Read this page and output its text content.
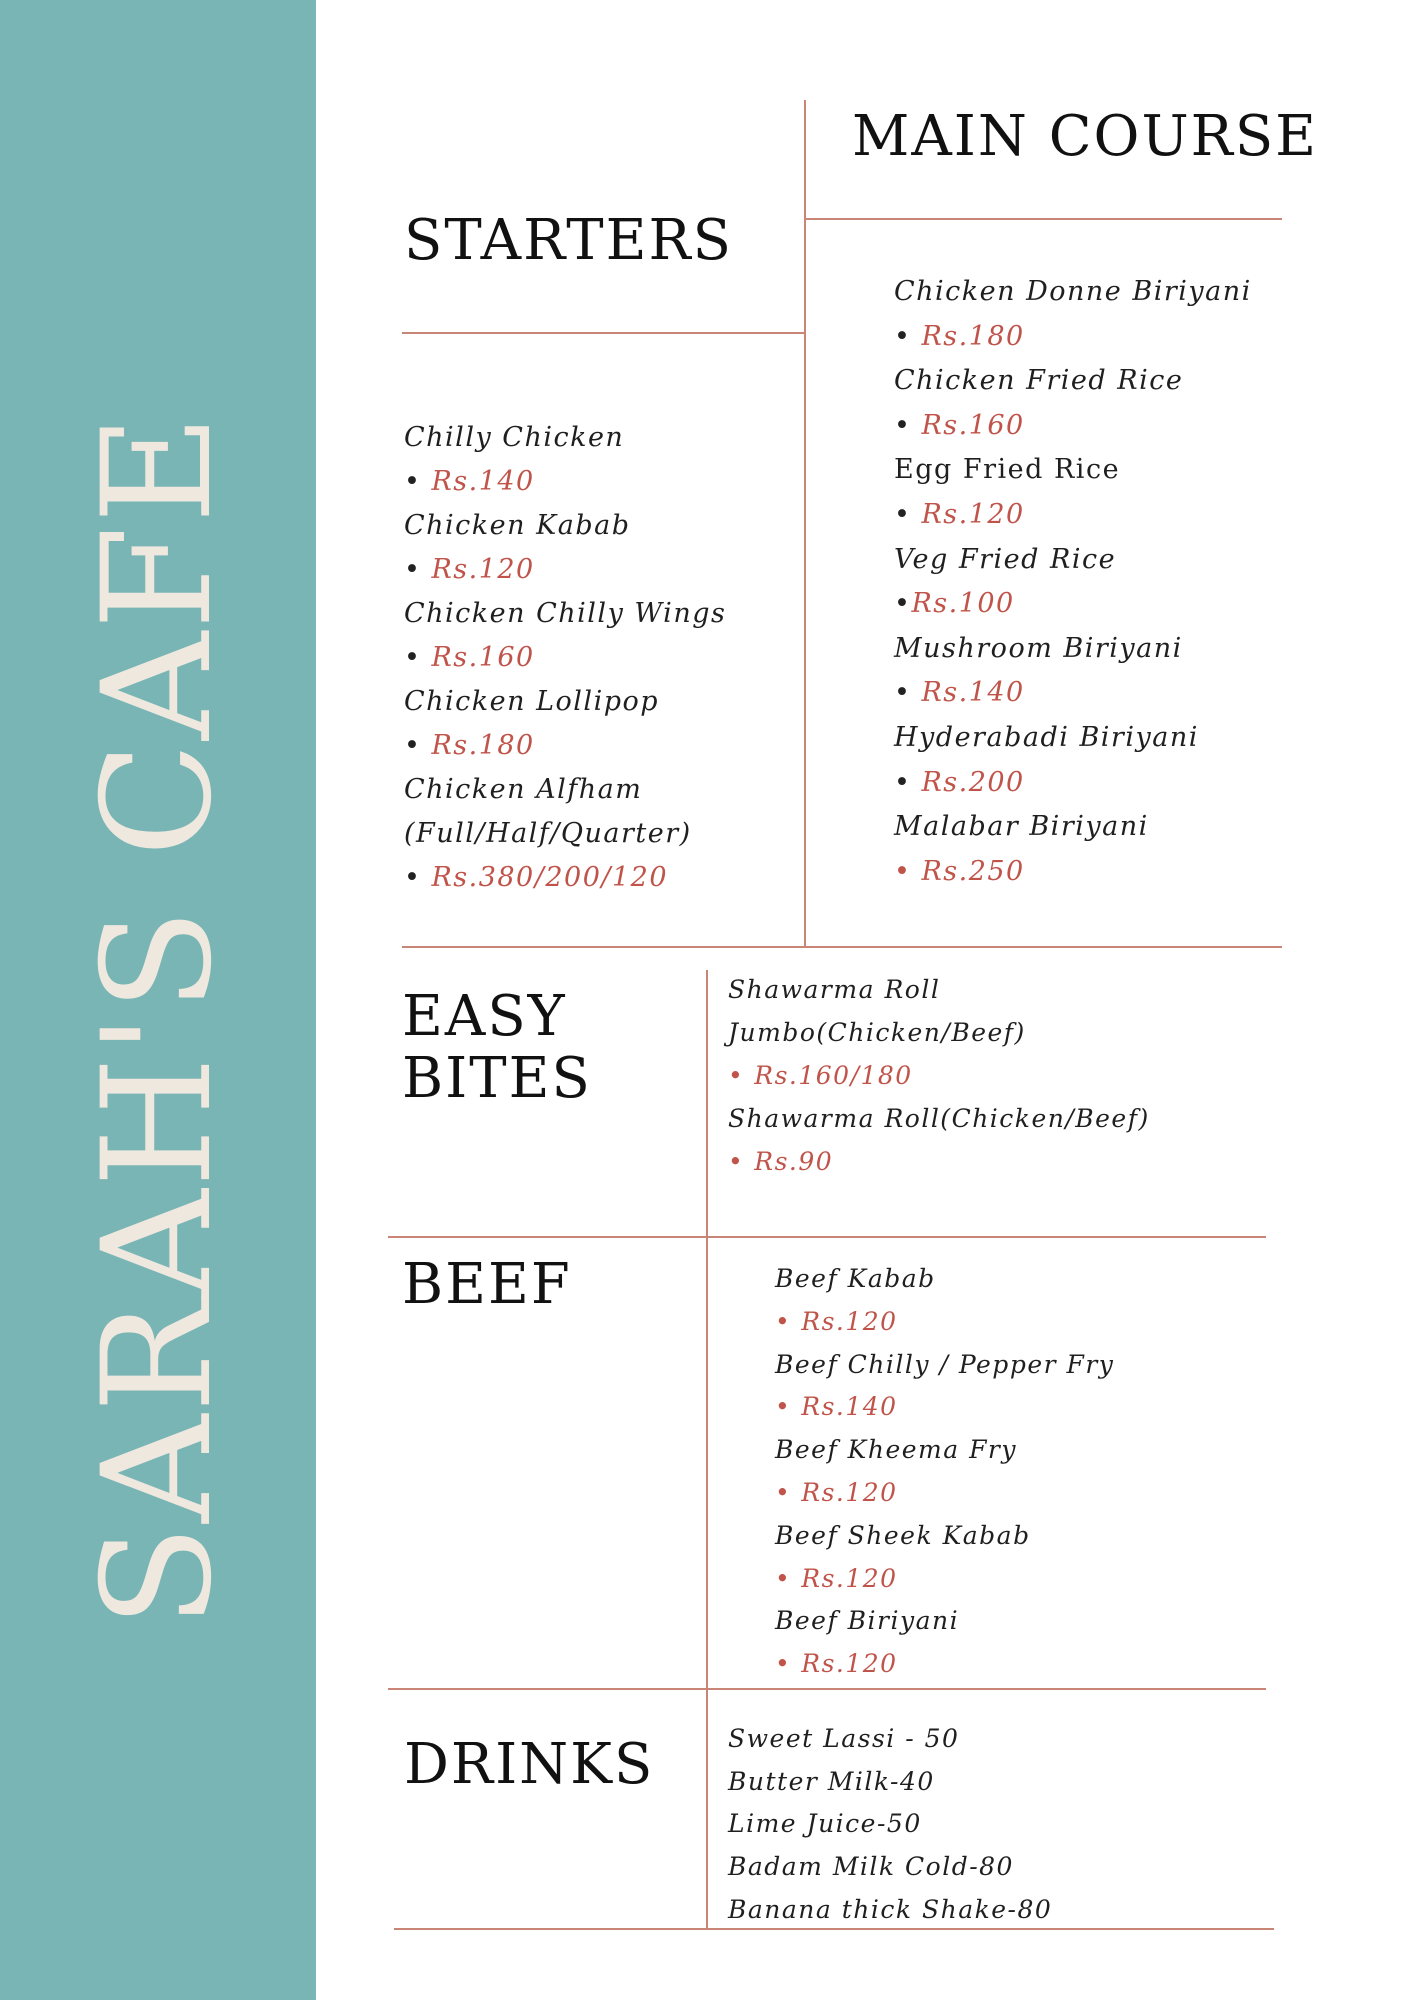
SARAH'S CAFE
STARTERS
MAIN COURSE
EASY
BITES
BEEF
DRINKS
Chilly Chicken
• Rs.140
Chicken Kabab
• Rs.120
Chicken Chilly Wings
• Rs.160
Chicken Lollipop
• Rs.180
Chicken Alfham
(Full/Half/Quarter)
• Rs.380/200/120
Chicken Donne Biriyani
• Rs.180
Chicken Fried Rice
• Rs.160
Egg Fried Rice
• Rs.120
Veg Fried Rice
•Rs.100
Mushroom Biriyani
• Rs.140
Hyderabadi Biriyani
• Rs.200
Malabar Biriyani
• Rs.250
Shawarma Roll
Jumbo(Chicken/Beef)
• Rs.160/180
Shawarma Roll(Chicken/Beef)
• Rs.90
Beef Kabab
• Rs.120
Beef Chilly / Pepper Fry
• Rs.140
Beef Kheema Fry
• Rs.120
Beef Sheek Kabab
• Rs.120
Beef Biriyani
• Rs.120
Sweet Lassi - 50
Butter Milk-40
Lime Juice-50
Badam Milk Cold-80
Banana thick Shake-80
